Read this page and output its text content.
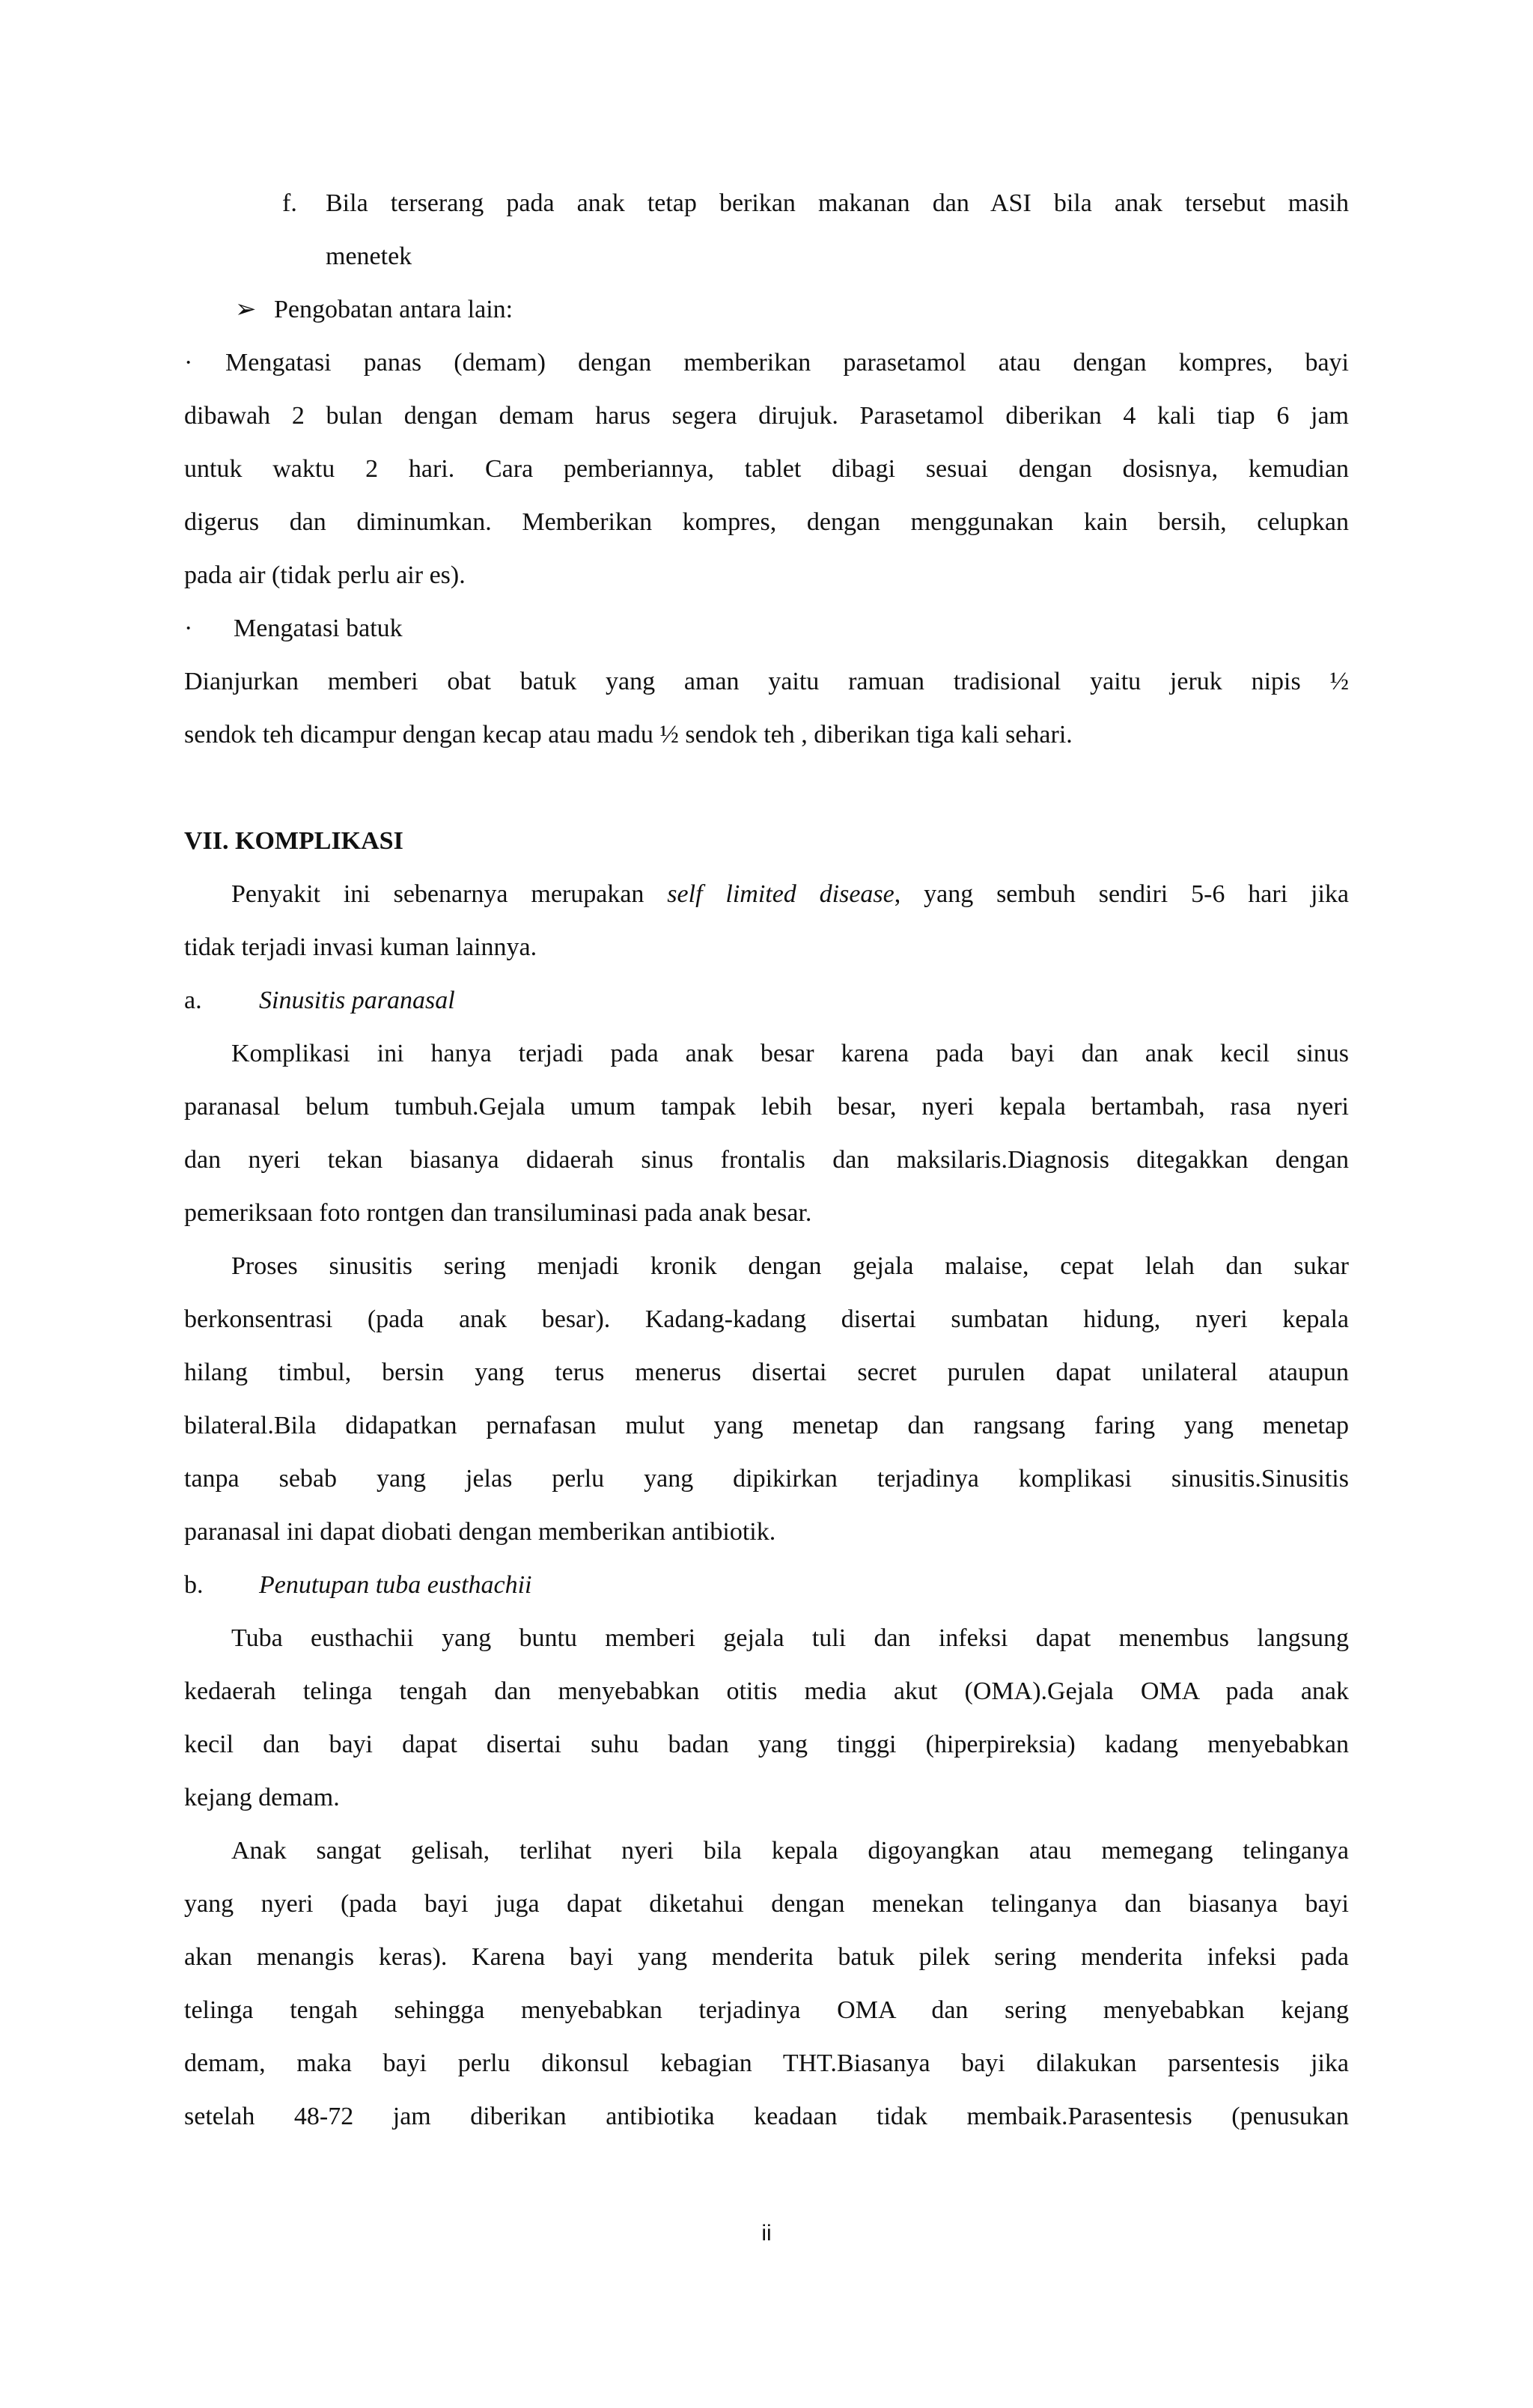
f. Bila terserang pada anak tetap berikan makanan dan ASI bila anak tersebut masih
menetek
➢ Pengobatan antara lain:
· Mengatasi panas (demam) dengan memberikan parasetamol atau dengan kompres, bayi
dibawah 2 bulan dengan demam harus segera dirujuk. Parasetamol diberikan 4 kali tiap 6 jam
untuk waktu 2 hari. Cara pemberiannya, tablet dibagi sesuai dengan dosisnya, kemudian
digerus dan diminumkan. Memberikan kompres, dengan menggunakan kain bersih, celupkan
pada air (tidak perlu air es).
· Mengatasi batuk
Dianjurkan memberi obat batuk yang aman yaitu ramuan tradisional yaitu jeruk nipis ½
sendok teh dicampur dengan kecap atau madu ½ sendok teh , diberikan tiga kali sehari.
VII. KOMPLIKASI
Penyakit ini sebenarnya merupakan self limited disease, yang sembuh sendiri 5-6 hari jika
tidak terjadi invasi kuman lainnya.
a. Sinusitis paranasal
Komplikasi ini hanya terjadi pada anak besar karena pada bayi dan anak kecil sinus
paranasal belum tumbuh.Gejala umum tampak lebih besar, nyeri kepala bertambah, rasa nyeri
dan nyeri tekan biasanya didaerah sinus frontalis dan maksilaris.Diagnosis ditegakkan dengan
pemeriksaan foto rontgen dan transiluminasi pada anak besar.
Proses sinusitis sering menjadi kronik dengan gejala malaise, cepat lelah dan sukar
berkonsentrasi (pada anak besar). Kadang-kadang disertai sumbatan hidung, nyeri kepala
hilang timbul, bersin yang terus menerus disertai secret purulen dapat unilateral ataupun
bilateral.Bila didapatkan pernafasan mulut yang menetap dan rangsang faring yang menetap
tanpa sebab yang jelas perlu yang dipikirkan terjadinya komplikasi sinusitis.Sinusitis
paranasal ini dapat diobati dengan memberikan antibiotik.
b. Penutupan tuba eusthachii
Tuba eusthachii yang buntu memberi gejala tuli dan infeksi dapat menembus langsung
kedaerah telinga tengah dan menyebabkan otitis media akut (OMA).Gejala OMA pada anak
kecil dan bayi dapat disertai suhu badan yang tinggi (hiperpireksia) kadang menyebabkan
kejang demam.
Anak sangat gelisah, terlihat nyeri bila kepala digoyangkan atau memegang telinganya
yang nyeri (pada bayi juga dapat diketahui dengan menekan telinganya dan biasanya bayi
akan menangis keras). Karena bayi yang menderita batuk pilek sering menderita infeksi pada
telinga tengah sehingga menyebabkan terjadinya OMA dan sering menyebabkan kejang
demam, maka bayi perlu dikonsul kebagian THT.Biasanya bayi dilakukan parsentesis jika
setelah 48-72 jam diberikan antibiotika keadaan tidak membaik.Parasentesis (penusukan
ii
